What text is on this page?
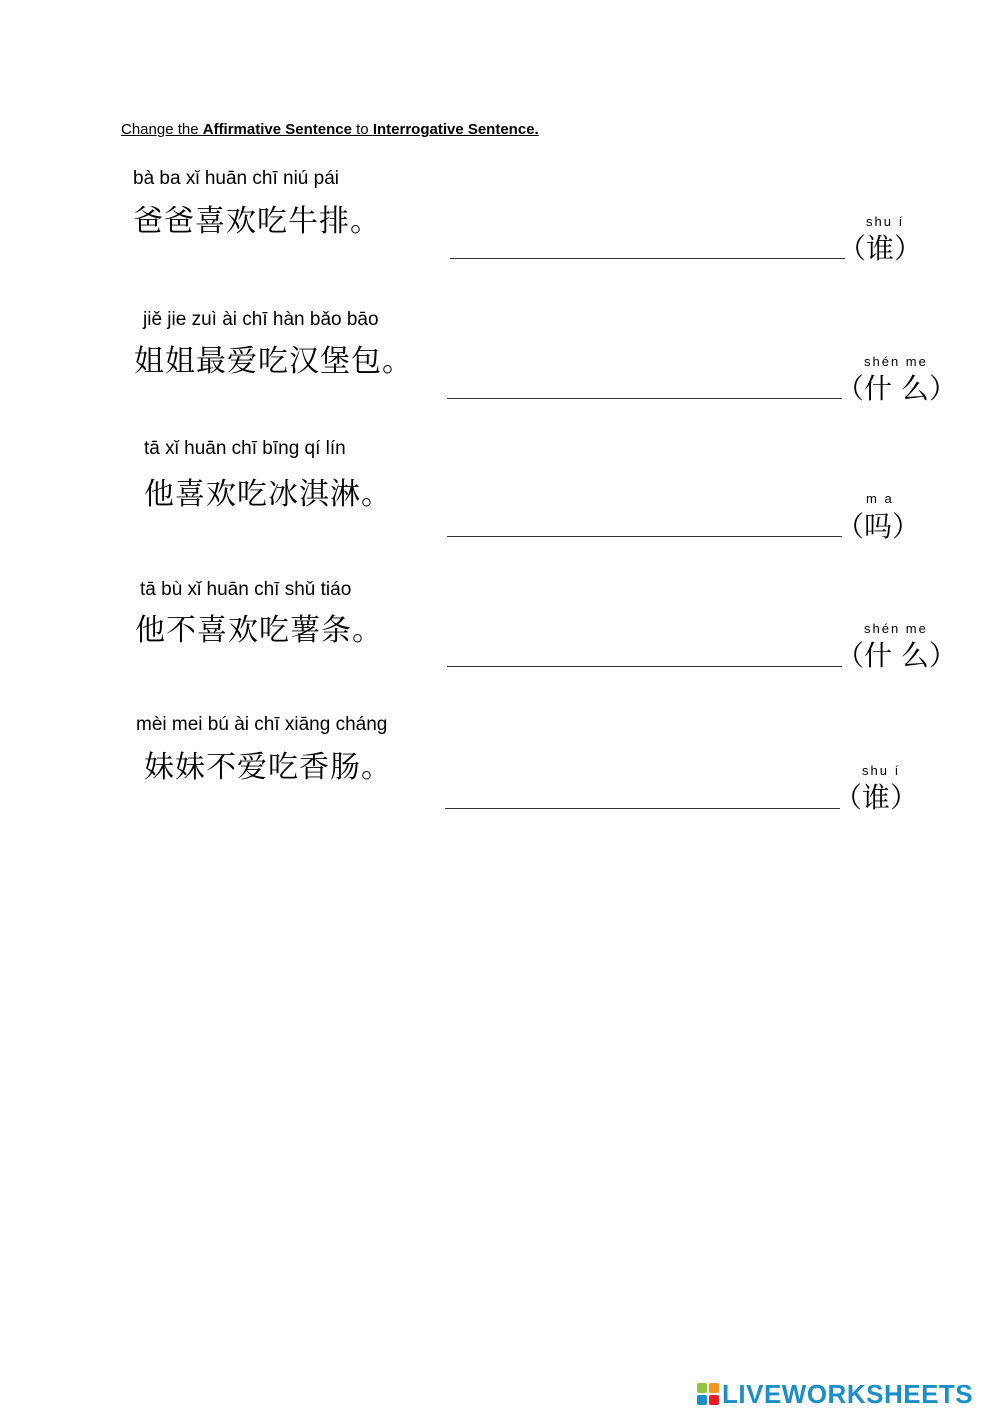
Change the Affirmative Sentence to Interrogative Sentence.
bà ba xǐ huān chī niú pái
爸爸喜欢吃牛排。	shu í
（谁）
jiě jie zuì ài chī hàn bǎo bāo
姐姐最爱吃汉堡包。	shén me
（什 么）
tā xǐ huān chī bīng qí lín
他喜欢吃冰淇淋。	m a
（吗）
tā bù xǐ huān chī shǔ tiáo
他不喜欢吃薯条。	shén me
（什 么）
mèi mei bú ài chī xiāng cháng
妹妹不爱吃香肠。	shu í
（谁）
LIVEWORKSHEETS
